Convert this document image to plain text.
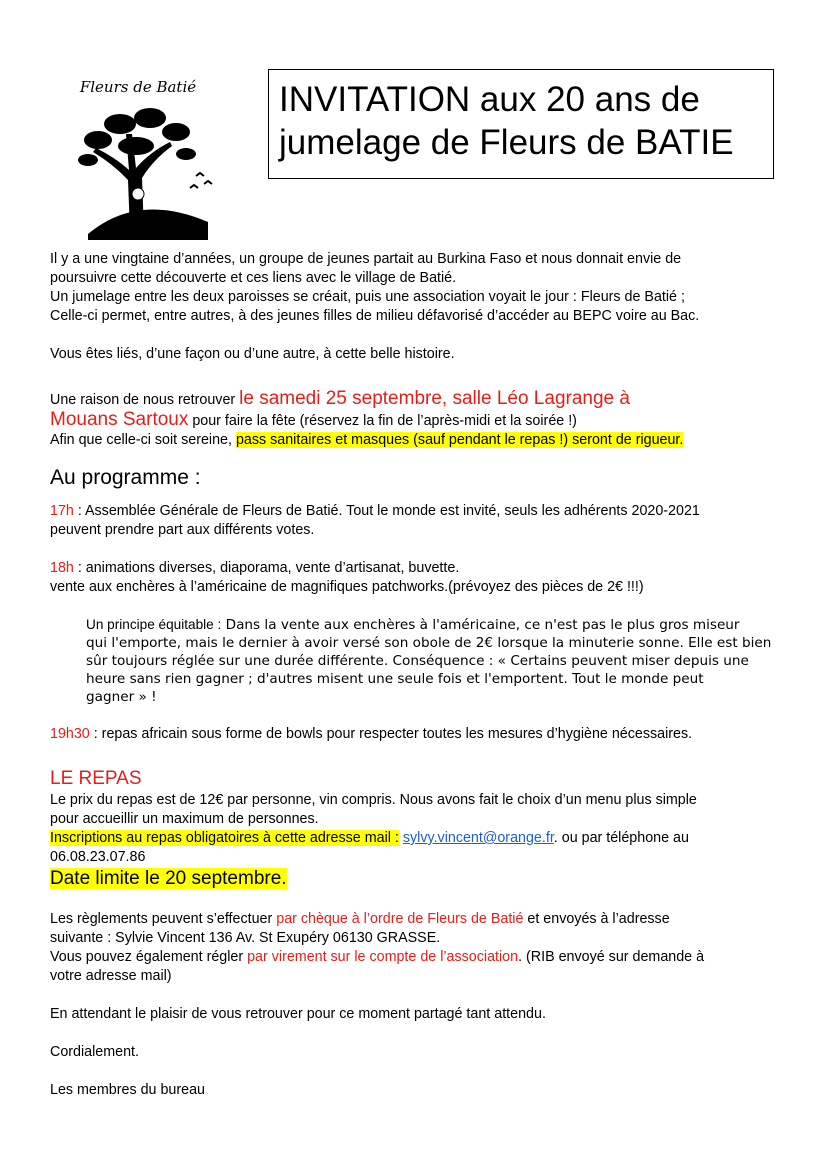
Fleurs de Batié	INVITATION aux 20 ans de
jumelage de Fleurs de BATIE

Il y a une vingtaine d’années, un groupe de jeunes partait au Burkina Faso et nous donnait envie de

poursuivre cette découverte et ces liens avec le village de Batié.

Un jumelage entre les deux paroisses se créait, puis une association voyait le jour : Fleurs de Batié ;

Celle-ci permet, entre autres, à des jeunes filles de milieu défavorisé d’accéder au BEPC voire au Bac.

Vous êtes liés, d’une façon ou d’une autre, à cette belle histoire.

Une raison de nous retrouver le samedi 25 septembre, salle Léo Lagrange à

Mouans Sartoux pour faire la fête (réservez la fin de l’après-midi et la soirée !)

Afin que celle-ci soit sereine, pass sanitaires et masques (sauf pendant le repas !) seront de rigueur.

Au programme :

17h : Assemblée Générale de Fleurs de Batié. Tout le monde est invité, seuls les adhérents 2020-2021

peuvent prendre part aux différents votes.

18h : animations diverses, diaporama, vente d’artisanat, buvette.

vente aux enchères à l’américaine de magnifiques patchworks.(prévoyez des pièces de 2€ !!!)

Un principe équitable : Dans la vente aux enchères à l'américaine, ce n'est pas le plus gros miseur

qui l'emporte, mais le dernier à avoir versé son obole de 2€ lorsque la minuterie sonne. Elle est bien

sûr toujours réglée sur une durée différente. Conséquence : « Certains peuvent miser depuis une

heure sans rien gagner ; d'autres misent une seule fois et l'emportent. Tout le monde peut

gagner » !

19h30 : repas africain sous forme de bowls pour respecter toutes les mesures d’hygiène nécessaires.

LE REPAS

Le prix du repas est de 12€ par personne, vin compris. Nous avons fait le choix d’un menu plus simple

pour accueillir un maximum de personnes.

Inscriptions au repas obligatoires à cette adresse mail : sylvy.vincent@orange.fr. ou par téléphone au

06.08.23.07.86

Date limite le 20 septembre.

Les règlements peuvent s’effectuer par chèque à l’ordre de Fleurs de Batié et envoyés à l’adresse

suivante : Sylvie Vincent 136 Av. St Exupéry 06130 GRASSE.

Vous pouvez également régler par virement sur le compte de l’association. (RIB envoyé sur demande à

votre adresse mail)

En attendant le plaisir de vous retrouver pour ce moment partagé tant attendu.

Cordialement.

Les membres du bureau
